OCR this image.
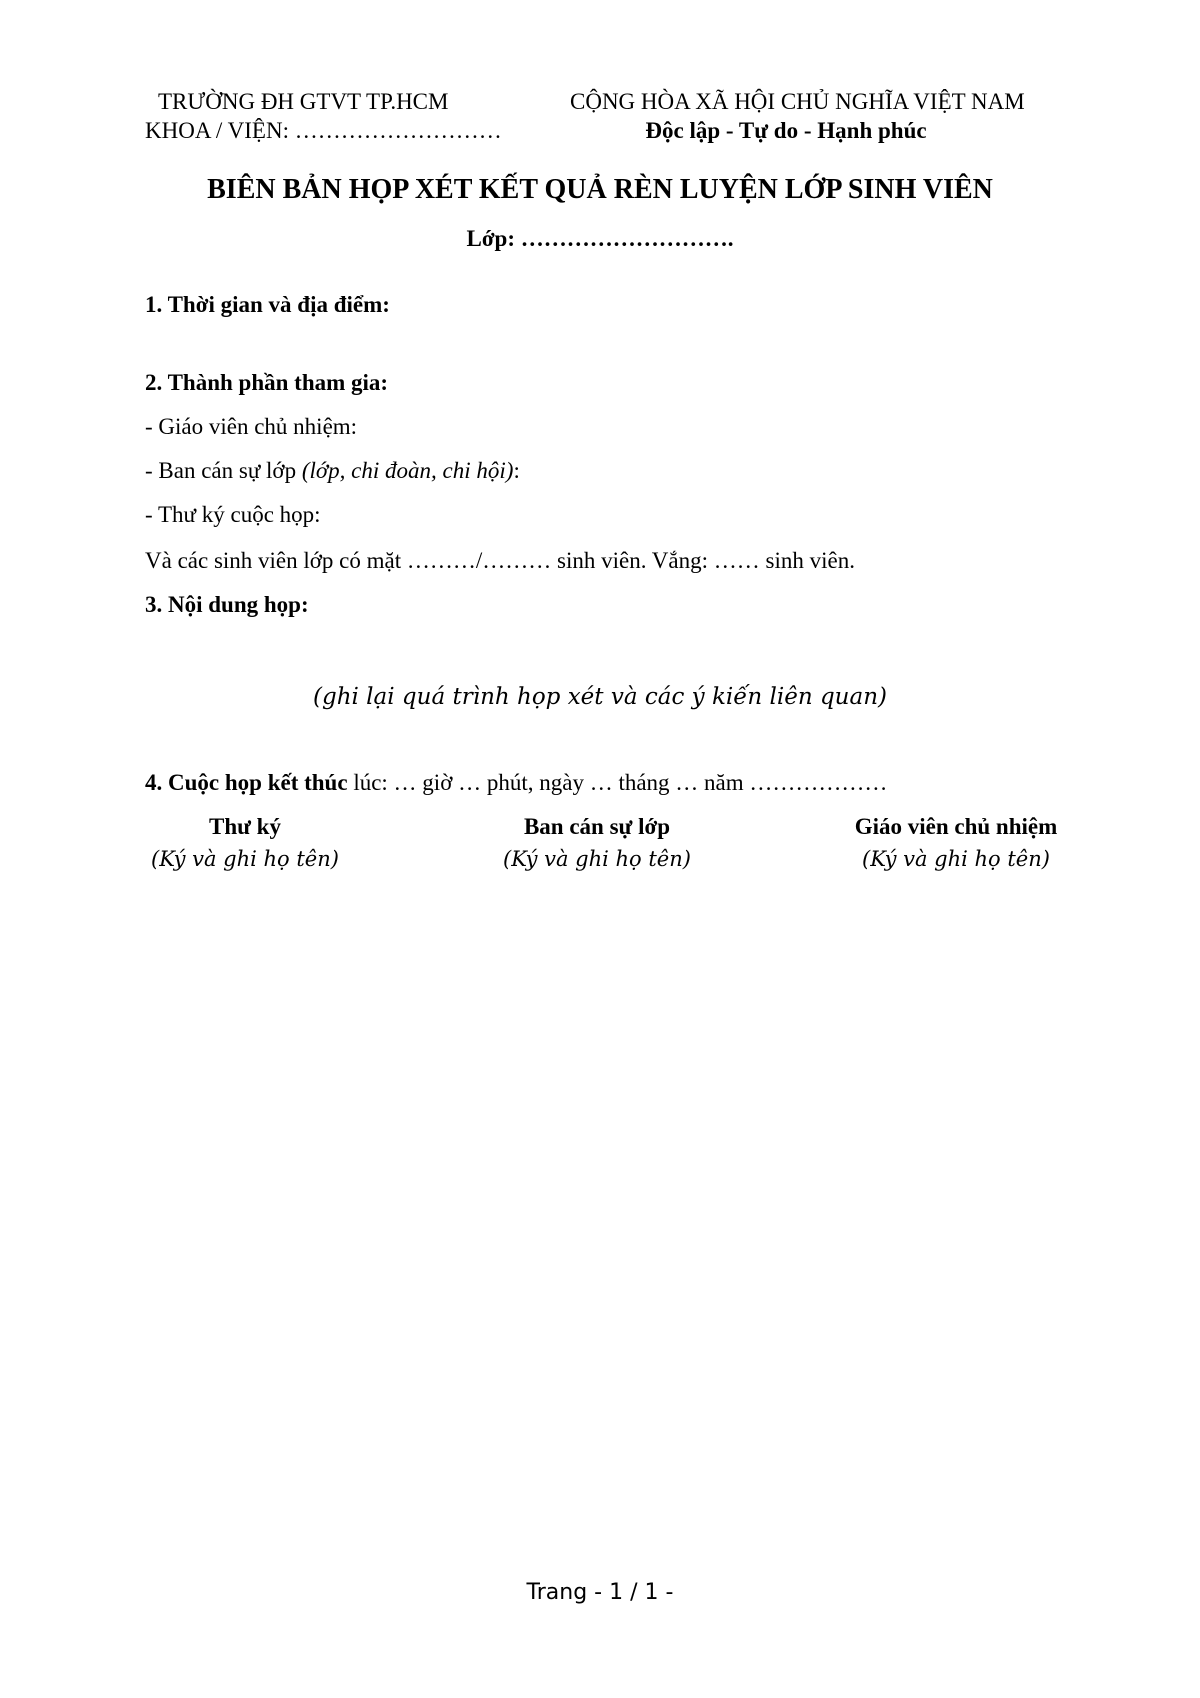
TRƯỜNG ĐH GTVT TP.HCM
KHOA / VIỆN: ………………………
CỘNG HÒA XÃ HỘI CHỦ NGHĨA VIỆT NAM
Độc lập - Tự do - Hạnh phúc
BIÊN BẢN HỌP XÉT KẾT QUẢ RÈN LUYỆN LỚP SINH VIÊN
Lớp: ……………………….
1. Thời gian và địa điểm:
2. Thành phần tham gia:
- Giáo viên chủ nhiệm:
- Ban cán sự lớp (lớp, chi đoàn, chi hội):
- Thư ký cuộc họp:
Và các sinh viên lớp có mặt ………/……… sinh viên. Vắng: …… sinh viên.
3. Nội dung họp:
(ghi lại quá trình họp xét và các ý kiến liên quan)
4. Cuộc họp kết thúc lúc: … giờ … phút, ngày … tháng … năm ………………
Thư ký
(Ký và ghi họ tên)
Ban cán sự lớp
(Ký và ghi họ tên)
Giáo viên chủ nhiệm
(Ký và ghi họ tên)
Trang - 1 / 1 -
